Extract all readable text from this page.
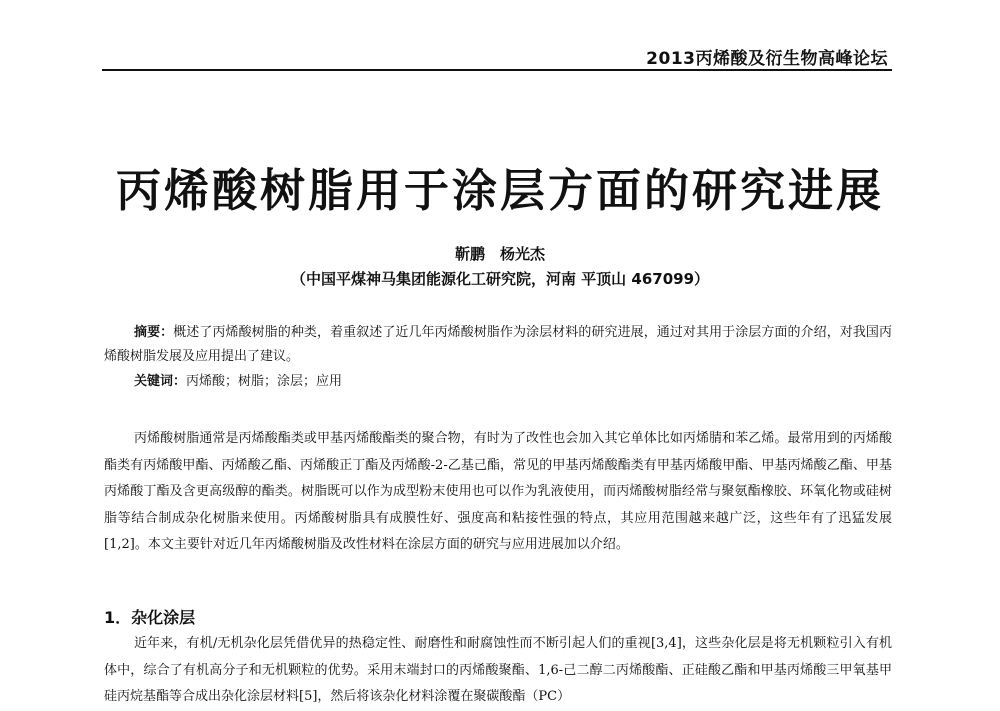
2013丙烯酸及衍生物高峰论坛
丙烯酸树脂用于涂层方面的研究进展
靳鹏　杨光杰
（中国平煤神马集团能源化工研究院，河南 平顶山 467099）
摘要：概述了丙烯酸树脂的种类，着重叙述了近几年丙烯酸树脂作为涂层材料的研究进展，通过对其用于涂层方面的介绍，对我国丙烯酸树脂发展及应用提出了建议。
关键词：丙烯酸；树脂；涂层；应用

丙烯酸树脂通常是丙烯酸酯类或甲基丙烯酸酯类的聚合物，有时为了改性也会加入其它单体比如丙烯腈和苯乙烯。最常用到的丙烯酸酯类有丙烯酸甲酯、丙烯酸乙酯、丙烯酸正丁酯及丙烯酸-2-乙基己酯，常见的甲基丙烯酸酯类有甲基丙烯酸甲酯、甲基丙烯酸乙酯、甲基丙烯酸丁酯及含更高级醇的酯类。树脂既可以作为成型粉末使用也可以作为乳液使用，而丙烯酸树脂经常与聚氨酯橡胶、环氧化物或硅树脂等结合制成杂化树脂来使用。丙烯酸树脂具有成膜性好、强度高和粘接性强的特点，其应用范围越来越广泛，这些年有了迅猛发展[1,2]。本文主要针对近几年丙烯酸树脂及改性材料在涂层方面的研究与应用进展加以介绍。

1．杂化涂层

近年来，有机/无机杂化层凭借优异的热稳定性、耐磨性和耐腐蚀性而不断引起人们的重视[3,4]，这些杂化层是将无机颗粒引入有机体中，综合了有机高分子和无机颗粒的优势。采用末端封口的丙烯酸聚酯、1,6-己二醇二丙烯酸酯、正硅酸乙酯和甲基丙烯酸三甲氧基甲硅丙烷基酯等合成出杂化涂层材料[5]，然后将该杂化材料涂覆在聚碳酸酯（PC）
